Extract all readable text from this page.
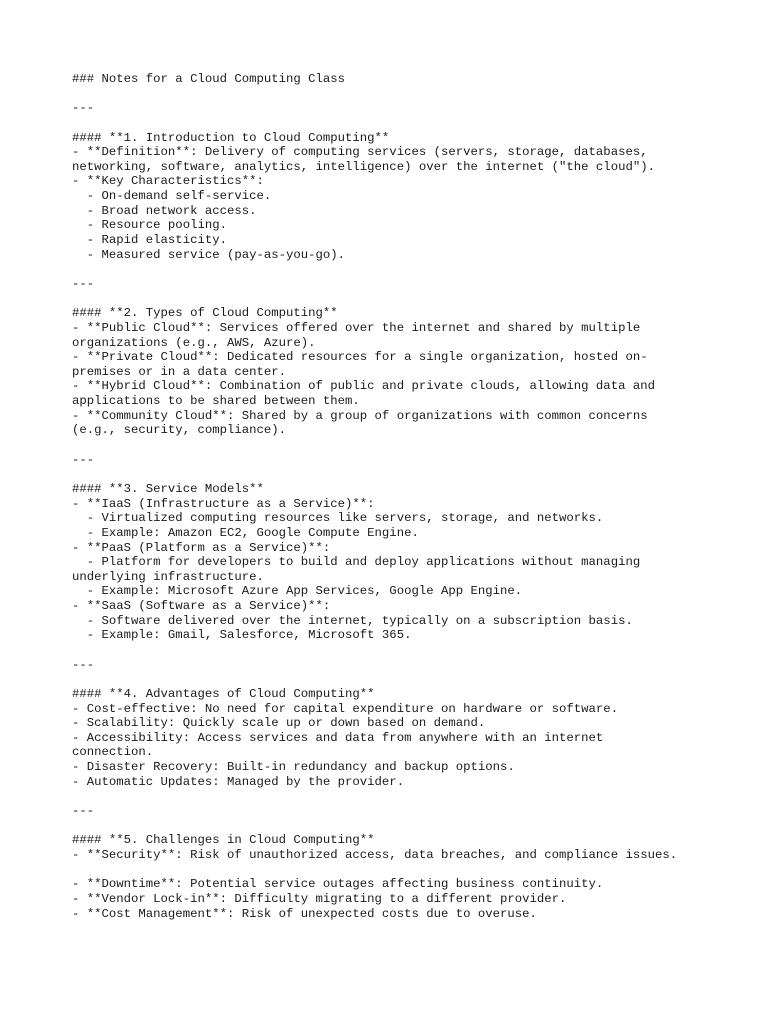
### Notes for a Cloud Computing Class
---
#### **1. Introduction to Cloud Computing**
- **Definition**: Delivery of computing services (servers, storage, databases,
networking, software, analytics, intelligence) over the internet ("the cloud").
- **Key Characteristics**:
- On-demand self-service.
- Broad network access.
- Resource pooling.
- Rapid elasticity.
- Measured service (pay-as-you-go).
---
#### **2. Types of Cloud Computing**
- **Public Cloud**: Services offered over the internet and shared by multiple
organizations (e.g., AWS, Azure).
- **Private Cloud**: Dedicated resources for a single organization, hosted on-
premises or in a data center.
- **Hybrid Cloud**: Combination of public and private clouds, allowing data and
applications to be shared between them.
- **Community Cloud**: Shared by a group of organizations with common concerns
(e.g., security, compliance).
---
#### **3. Service Models**
- **IaaS (Infrastructure as a Service)**:
- Virtualized computing resources like servers, storage, and networks.
- Example: Amazon EC2, Google Compute Engine.
- **PaaS (Platform as a Service)**:
- Platform for developers to build and deploy applications without managing
underlying infrastructure.
- Example: Microsoft Azure App Services, Google App Engine.
- **SaaS (Software as a Service)**:
- Software delivered over the internet, typically on a subscription basis.
- Example: Gmail, Salesforce, Microsoft 365.
---
#### **4. Advantages of Cloud Computing**
- Cost-effective: No need for capital expenditure on hardware or software.
- Scalability: Quickly scale up or down based on demand.
- Accessibility: Access services and data from anywhere with an internet
connection.
- Disaster Recovery: Built-in redundancy and backup options.
- Automatic Updates: Managed by the provider.
---
#### **5. Challenges in Cloud Computing**
- **Security**: Risk of unauthorized access, data breaches, and compliance issues.
- **Downtime**: Potential service outages affecting business continuity.
- **Vendor Lock-in**: Difficulty migrating to a different provider.
- **Cost Management**: Risk of unexpected costs due to overuse.
